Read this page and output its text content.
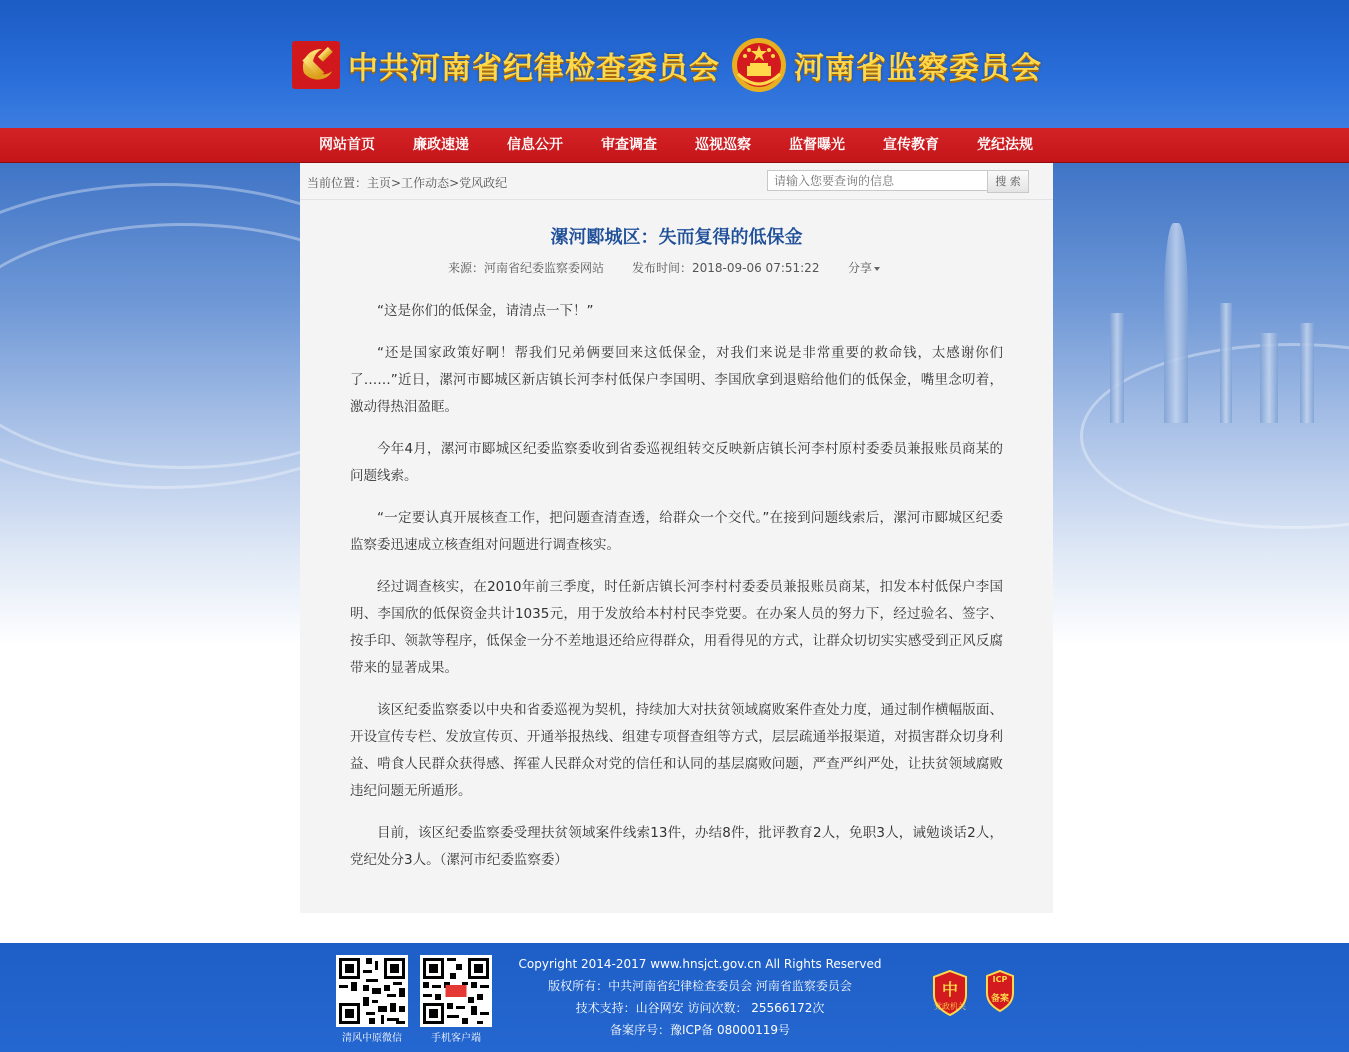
中共河南省纪律检查委员会 河南省监察委员会
网站首页	廉政速递	信息公开	审查调查	巡视巡察	监督曝光	宣传教育	党纪法规
当前位置：主页>工作动态>党风政纪
请输入您要查询的信息	搜 索
漯河郾城区：失而复得的低保金
来源：河南省纪委监察委网站 发布时间：2018-09-06 07:51:22 分享

“这是你们的低保金，请清点一下！”

“还是国家政策好啊！帮我们兄弟俩要回来这低保金，对我们来说是非常重要的救命钱，太感谢你们了……”近日，漯河市郾城区新店镇长河李村低保户李国明、李国欣拿到退赔给他们的低保金，嘴里念叨着，激动得热泪盈眶。

今年4月，漯河市郾城区纪委监察委收到省委巡视组转交反映新店镇长河李村原村委委员兼报账员商某的问题线索。

“一定要认真开展核查工作，把问题查清查透，给群众一个交代。”在接到问题线索后，漯河市郾城区纪委监察委迅速成立核查组对问题进行调查核实。

经过调查核实，在2010年前三季度，时任新店镇长河李村村委委员兼报账员商某，扣发本村低保户李国明、李国欣的低保资金共计1035元，用于发放给本村村民李党要。在办案人员的努力下，经过验名、签字、按手印、领款等程序，低保金一分不差地退还给应得群众，用看得见的方式，让群众切切实实感受到正风反腐带来的显著成果。

该区纪委监察委以中央和省委巡视为契机，持续加大对扶贫领域腐败案件查处力度，通过制作横幅版面、开设宣传专栏、发放宣传页、开通举报热线、组建专项督查组等方式，层层疏通举报渠道，对损害群众切身利益、啃食人民群众获得感、挥霍人民群众对党的信任和认同的基层腐败问题，严查严纠严处，让扶贫领域腐败违纪问题无所遁形。

目前，该区纪委监察委受理扶贫领域案件线索13件，办结8件，批评教育2人，免职3人，诫勉谈话2人，党纪处分3人。（漯河市纪委监察委）

清风中原微信	手机客户端
Copyright 2014-2017 www.hnsjct.gov.cn All Rights Reserved
版权所有：中共河南省纪律检查委员会 河南省监察委员会
技术支持：山谷网安 访问次数： 25566172次
备案序号：豫ICP备 08000119号
中
党政机关
ICP
备案
